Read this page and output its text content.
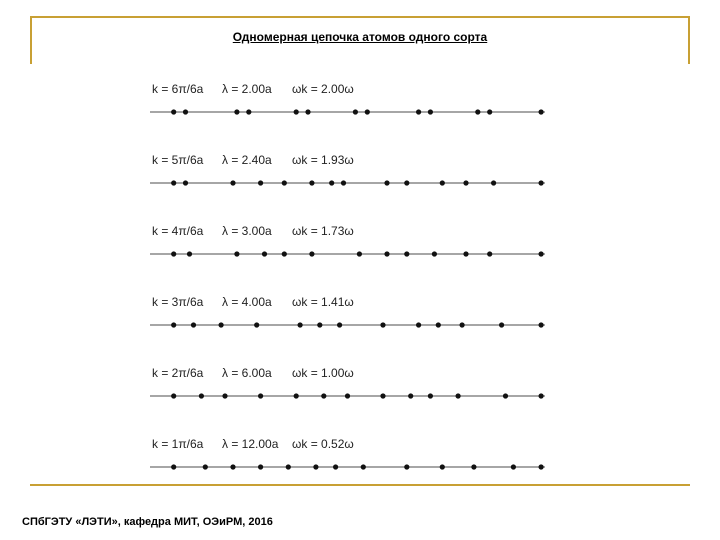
Одномерная цепочка атомов одного сорта
k = 6π/6a λ = 2.00a ωk = 2.00ω
k = 5π/6a λ = 2.40a ωk = 1.93ω
k = 4π/6a λ = 3.00a ωk = 1.73ω
k = 3π/6a λ = 4.00a ωk = 1.41ω
k = 2π/6a λ = 6.00a ωk = 1.00ω
k = 1π/6a λ = 12.00a ωk = 0.52ω
СПбГЭТУ «ЛЭТИ», кафедра МИТ, ОЭиРМ, 2016
